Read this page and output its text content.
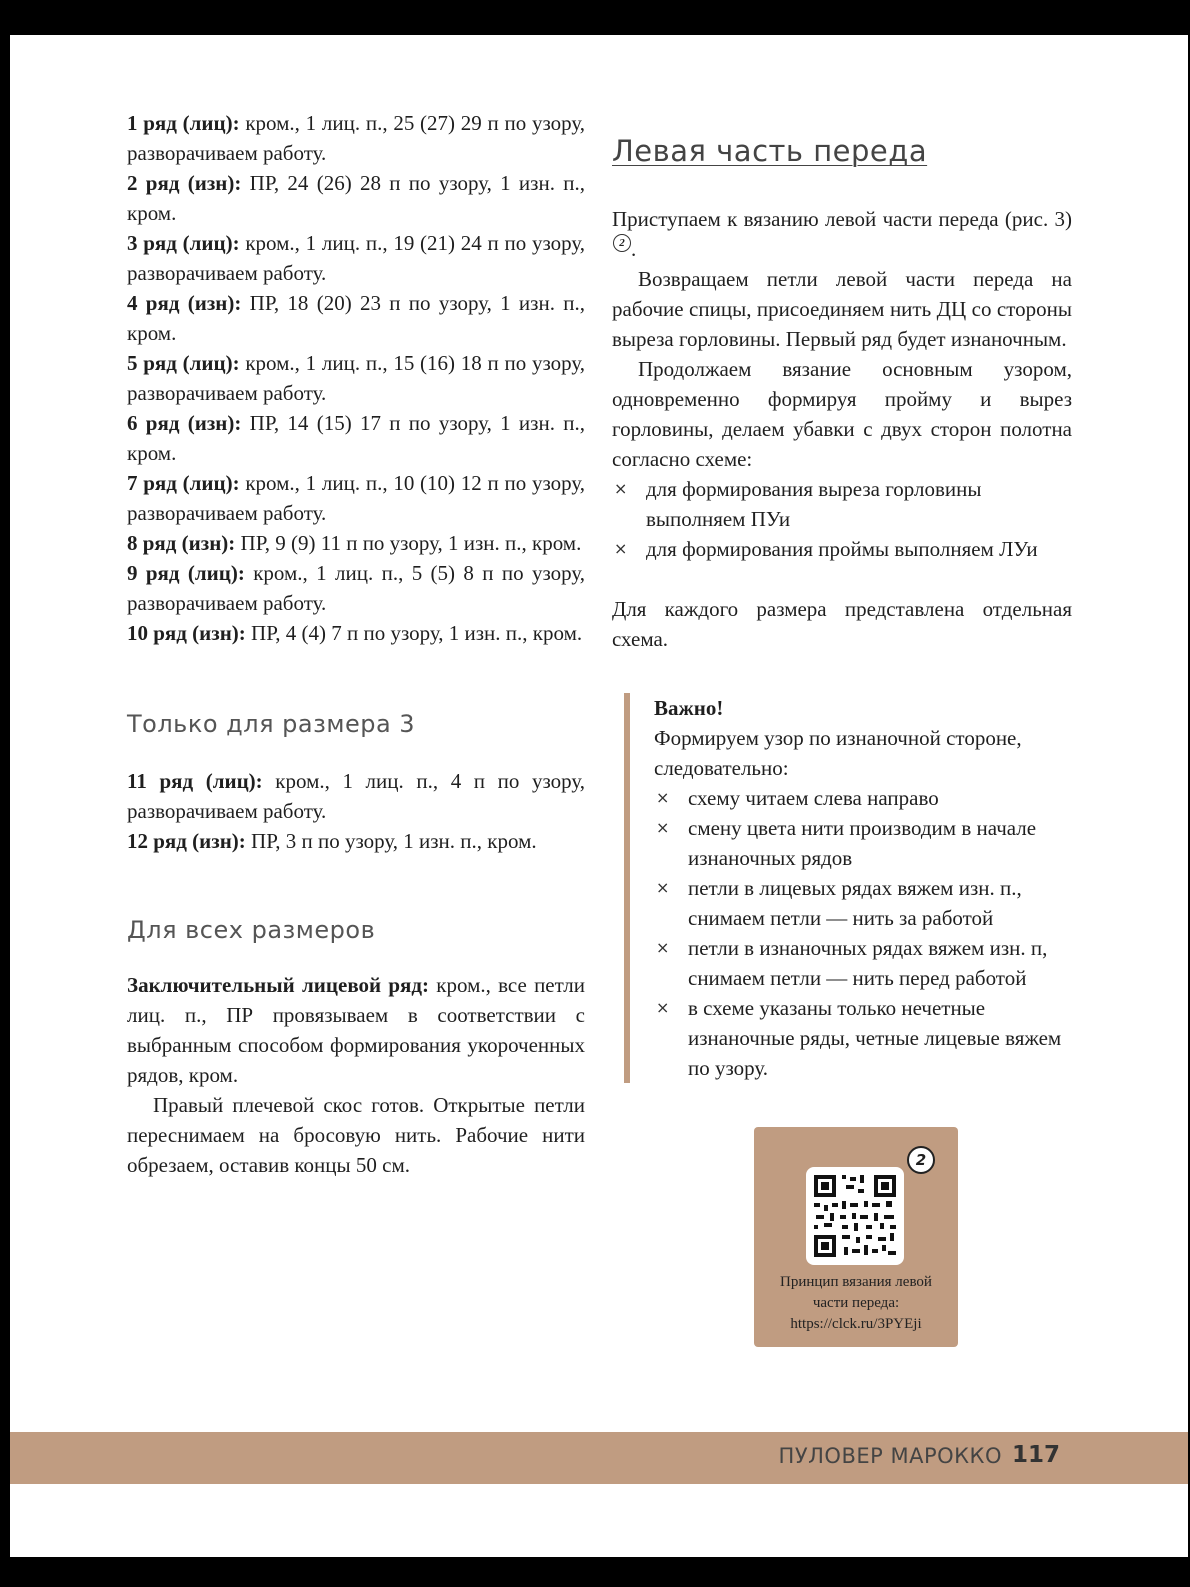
1 ряд (лиц): кром., 1 лиц. п., 25 (27) 29 п по узору, разворачиваем работу.

2 ряд (изн): ПР, 24 (26) 28 п по узору, 1 изн. п., кром.

3 ряд (лиц): кром., 1 лиц. п., 19 (21) 24 п по узору, разворачиваем работу.

4 ряд (изн): ПР, 18 (20) 23 п по узору, 1 изн. п., кром.

5 ряд (лиц): кром., 1 лиц. п., 15 (16) 18 п по узору, разворачиваем работу.

6 ряд (изн): ПР, 14 (15) 17 п по узору, 1 изн. п., кром.

7 ряд (лиц): кром., 1 лиц. п., 10 (10) 12 п по узору, разворачиваем работу.

8 ряд (изн): ПР, 9 (9) 11 п по узору, 1 изн. п., кром.

9 ряд (лиц): кром., 1 лиц. п., 5 (5) 8 п по узору, разворачиваем работу.

10 ряд (изн): ПР, 4 (4) 7 п по узору, 1 изн. п., кром.

Только для размера 3

11 ряд (лиц): кром., 1 лиц. п., 4 п по узору, разворачиваем работу.

12 ряд (изн): ПР, 3 п по узору, 1 изн. п., кром.

Для всех размеров

Заключительный лицевой ряд: кром., все петли лиц. п., ПР провязываем в соответствии с выбранным способом формирования укороченных рядов, кром.

Правый плечевой скос готов. Открытые петли переснимаем на бросовую нить. Рабочие нити обрезаем, оставив концы 50 см.

Левая часть переда

Приступаем к вязанию левой части переда (рис. 3)2 .

Возвращаем петли левой части переда на рабочие спицы, присоединяем нить ДЦ со стороны выреза горловины. Первый ряд будет изнаночным.

Продолжаем вязание основным узором, одновременно формируя пройму и вырез горловины, делаем убавки с двух сторон полотна согласно схеме:

× для формирования выреза горловины выполняем ПУи
× для формирования проймы выполняем ЛУи

Для каждого размера представлена отдельная схема.

Важно!
Формируем узор по изнаночной стороне, следовательно:
× схему читаем слева направо
× смену цвета нити производим в начале изнаночных рядов
× петли в лицевых рядах вяжем изн. п., снимаем петли — нить за работой
× петли в изнаночных рядах вяжем изн. п, снимаем петли — нить перед работой
× в схеме указаны только нечетные изнаночные ряды, четные лицевые вяжем по узору.
2
Принцип вязания левой
части переда:
https://clck.ru/3PYEji
ПУЛОВЕР МАРОККО 117
